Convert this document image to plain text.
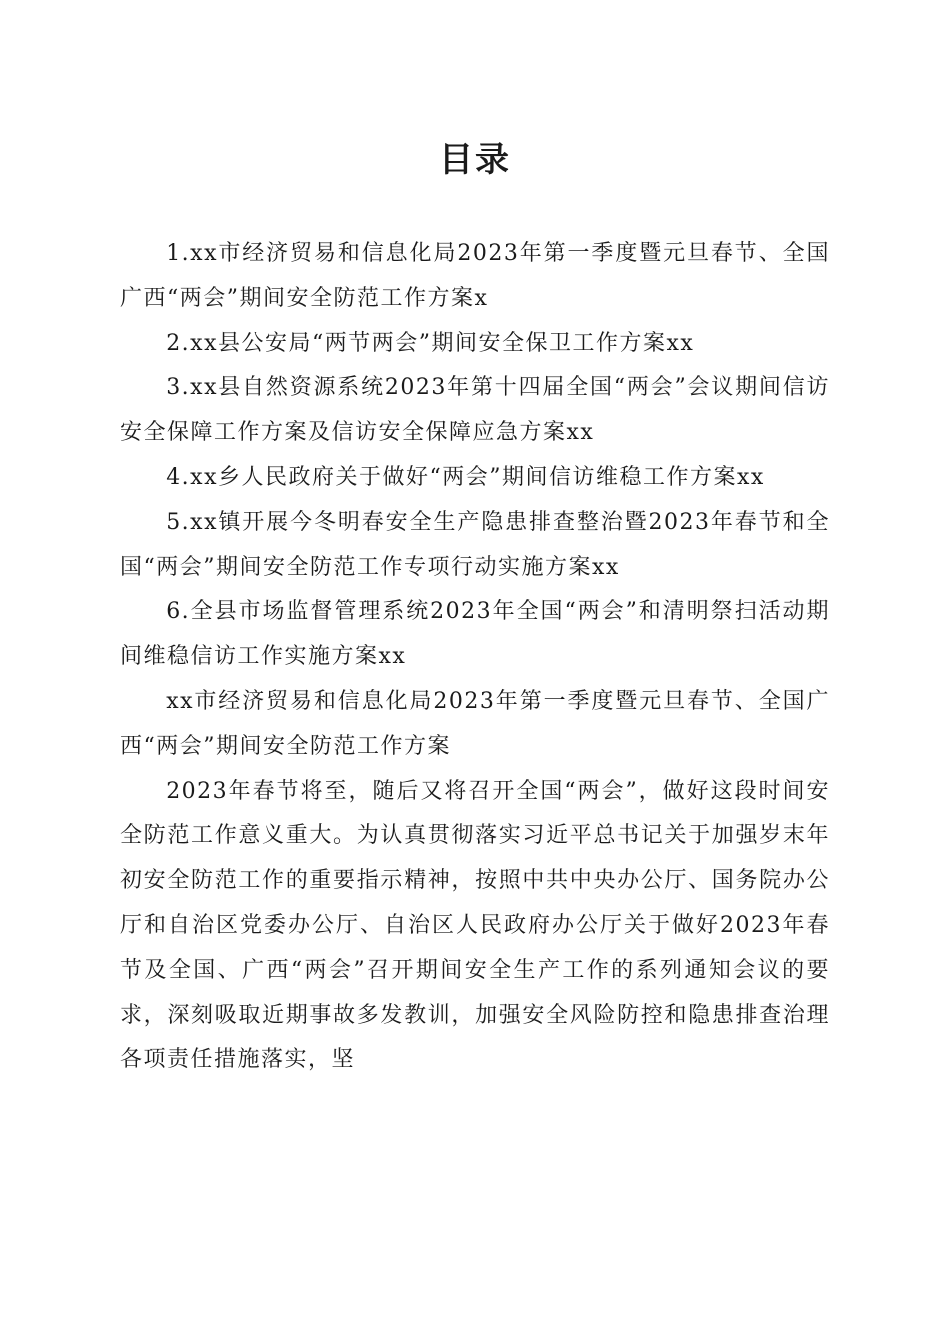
目录

1.xx市经济贸易和信息化局2023年第一季度暨元旦春节、全国广西“两会”期间安全防范工作方案x

2.xx县公安局“两节两会”期间安全保卫工作方案xx

3.xx县自然资源系统2023年第十四届全国“两会”会议期间信访安全保障工作方案及信访安全保障应急方案xx

4.xx乡人民政府关于做好“两会”期间信访维稳工作方案xx

5.xx镇开展今冬明春安全生产隐患排查整治暨2023年春节和全国“两会”期间安全防范工作专项行动实施方案xx

6.全县市场监督管理系统2023年全国“两会”和清明祭扫活动期间维稳信访工作实施方案xx

xx市经济贸易和信息化局2023年第一季度暨元旦春节、全国广西“两会”期间安全防范工作方案

2023年春节将至，随后又将召开全国“两会”，做好这段时间安全防范工作意义重大。为认真贯彻落实习近平总书记关于加强岁末年初安全防范工作的重要指示精神，按照中共中央办公厅、国务院办公厅和自治区党委办公厅、自治区人民政府办公厅关于做好2023年春节及全国、广西“两会”召开期间安全生产工作的系列通知会议的要求，深刻吸取近期事故多发教训，加强安全风险防控和隐患排查治理各项责任措施落实，坚
